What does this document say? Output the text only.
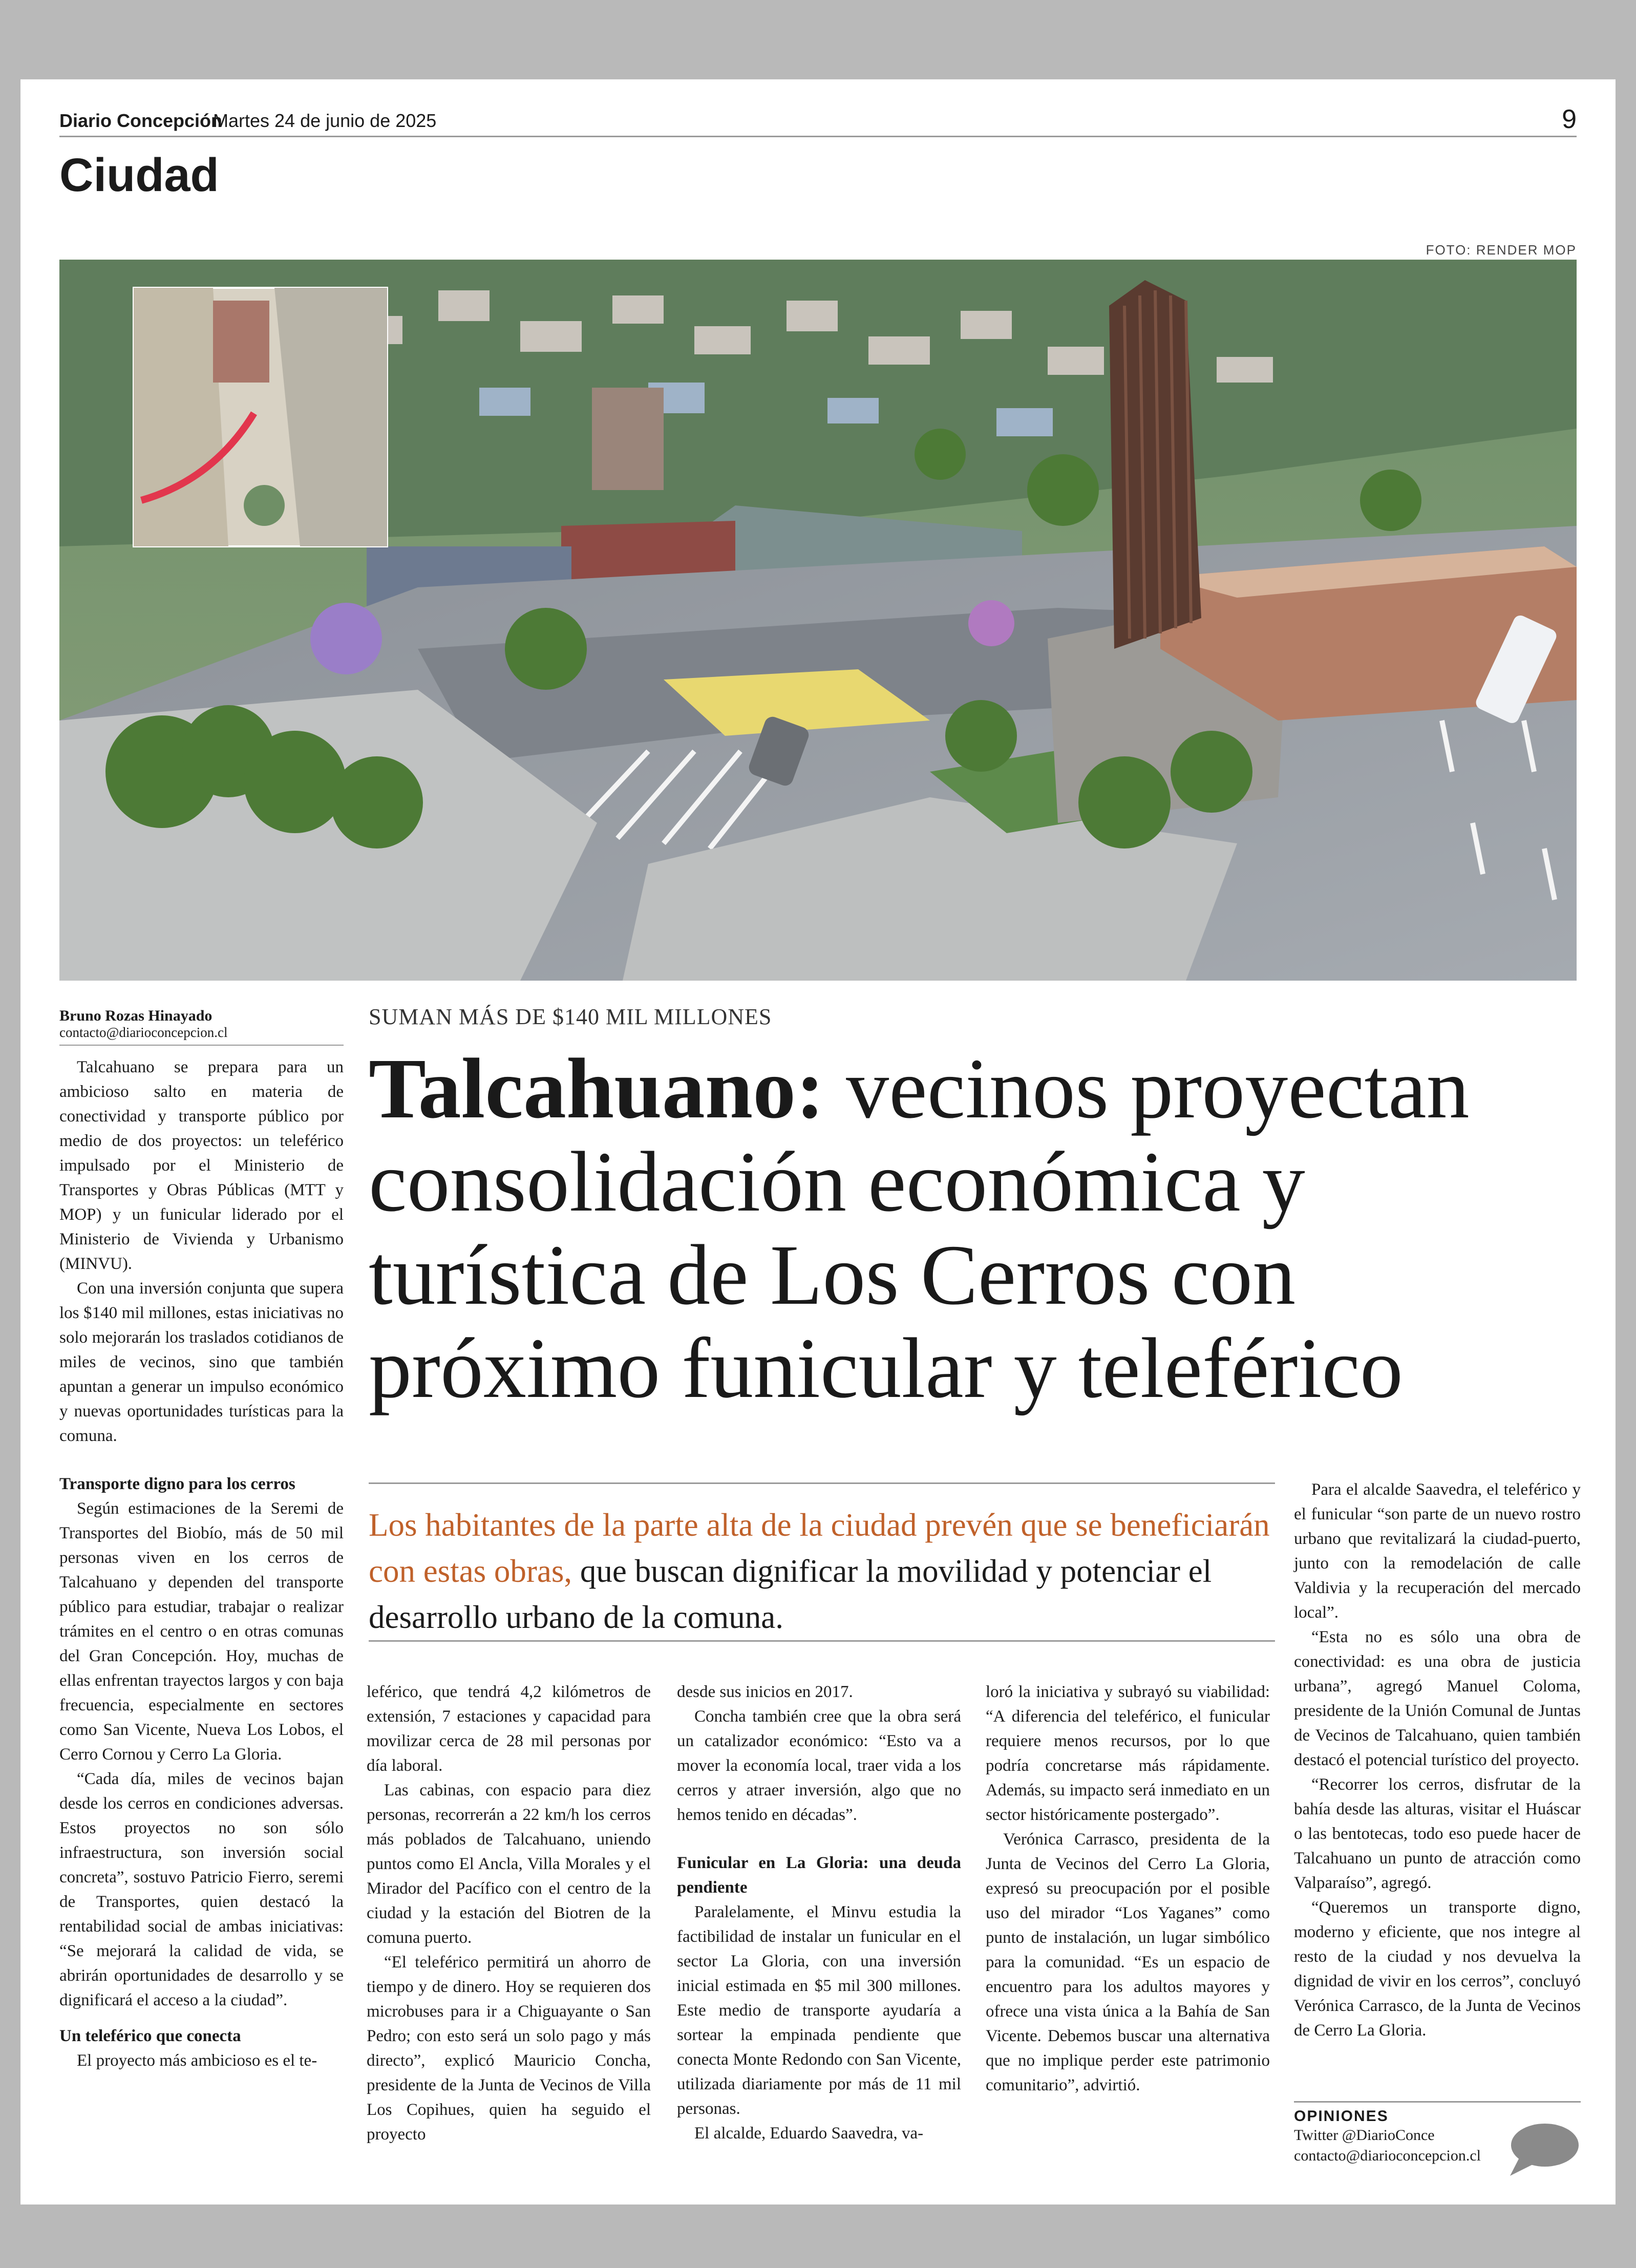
Diario Concepción
Martes 24 de junio de 2025	9
Ciudad
FOTO: RENDER MOP
Bruno Rozas Hinayado
contacto@diarioconcepcion.cl
SUMAN MÁS DE $140 MIL MILLONES
Talcahuano: vecinos proyectan consolidación económica y turística de Los Cerros con próximo funicular y teleférico
Los habitantes de la parte alta de la ciudad prevén que se beneficiarán con estas obras, que buscan dignificar la movilidad y potenciar el desarrollo urbano de la comuna.

Talcahuano se prepara para un ambicioso salto en materia de conectividad y transporte público por medio de dos proyectos: un teleférico impulsado por el Ministerio de Transportes y Obras Públicas (MTT y MOP) y un funicular liderado por el Ministerio de Vivienda y Urbanismo (MINVU).

Con una inversión conjunta que supera los $140 mil millones, estas iniciativas no solo mejorarán los traslados cotidianos de miles de vecinos, sino que también apuntan a generar un impulso económico y nuevas oportunidades turísticas para la comuna.

Transporte digno para los cerros

Según estimaciones de la Seremi de Transportes del Biobío, más de 50 mil personas viven en los cerros de Talcahuano y dependen del transporte público para estudiar, trabajar o realizar trámites en el centro o en otras comunas del Gran Concepción. Hoy, muchas de ellas enfrentan trayectos largos y con baja frecuencia, especialmente en sectores como San Vicente, Nueva Los Lobos, el Cerro Cornou y Cerro La Gloria.

“Cada día, miles de vecinos bajan desde los cerros en condiciones adversas. Estos proyectos no son sólo infraestructura, son inversión social concreta”, sostuvo Patricio Fierro, seremi de Transportes, quien destacó la rentabilidad social de ambas iniciativas: “Se mejorará la calidad de vida, se abrirán oportunidades de desarrollo y se dignificará el acceso a la ciudad”.

Un teleférico que conecta

El proyecto más ambicioso es el te-

leférico, que tendrá 4,2 kilómetros de extensión, 7 estaciones y capacidad para movilizar cerca de 28 mil personas por día laboral.

Las cabinas, con espacio para diez personas, recorrerán a 22 km/h los cerros más poblados de Talcahuano, uniendo puntos como El Ancla, Villa Morales y el Mirador del Pacífico con el centro de la ciudad y la estación del Biotren de la comuna puerto.

“El teleférico permitirá un ahorro de tiempo y de dinero. Hoy se requieren dos microbuses para ir a Chiguayante o San Pedro; con esto será un solo pago y más directo”, explicó Mauricio Concha, presidente de la Junta de Vecinos de Villa Los Copihues, quien ha seguido el proyecto

desde sus inicios en 2017.

Concha también cree que la obra será un catalizador económico: “Esto va a mover la economía local, traer vida a los cerros y atraer inversión, algo que no hemos tenido en décadas”.

Funicular en La Gloria: una deuda pendiente

Paralelamente, el Minvu estudia la factibilidad de instalar un funicular en el sector La Gloria, con una inversión inicial estimada en $5 mil 300 millones. Este medio de transporte ayudaría a sortear la empinada pendiente que conecta Monte Redondo con San Vicente, utilizada diariamente por más de 11 mil personas.

El alcalde, Eduardo Saavedra, va-

loró la iniciativa y subrayó su viabilidad: “A diferencia del teleférico, el funicular requiere menos recursos, por lo que podría concretarse más rápidamente. Además, su impacto será inmediato en un sector históricamente postergado”.

Verónica Carrasco, presidenta de la Junta de Vecinos del Cerro La Gloria, expresó su preocupación por el posible uso del mirador “Los Yaganes” como punto de instalación, un lugar simbólico para la comunidad. “Es un espacio de encuentro para los adultos mayores y ofrece una vista única a la Bahía de San Vicente. Debemos buscar una alternativa que no implique perder este patrimonio comunitario”, advirtió.

Para el alcalde Saavedra, el teleférico y el funicular “son parte de un nuevo rostro urbano que revitalizará la ciudad-puerto, junto con la remodelación de calle Valdivia y la recuperación del mercado local”.

“Esta no es sólo una obra de conectividad: es una obra de justicia urbana”, agregó Manuel Coloma, presidente de la Unión Comunal de Juntas de Vecinos de Talcahuano, quien también destacó el potencial turístico del proyecto.

“Recorrer los cerros, disfrutar de la bahía desde las alturas, visitar el Huáscar o las bentotecas, todo eso puede hacer de Talcahuano un punto de atracción como Valparaíso”, agregó.

“Queremos un transporte digno, moderno y eficiente, que nos integre al resto de la ciudad y nos devuelva la dignidad de vivir en los cerros”, concluyó Verónica Carrasco, de la Junta de Vecinos de Cerro La Gloria.

OPINIONES
Twitter @DiarioConce
contacto@diarioconcepcion.cl
